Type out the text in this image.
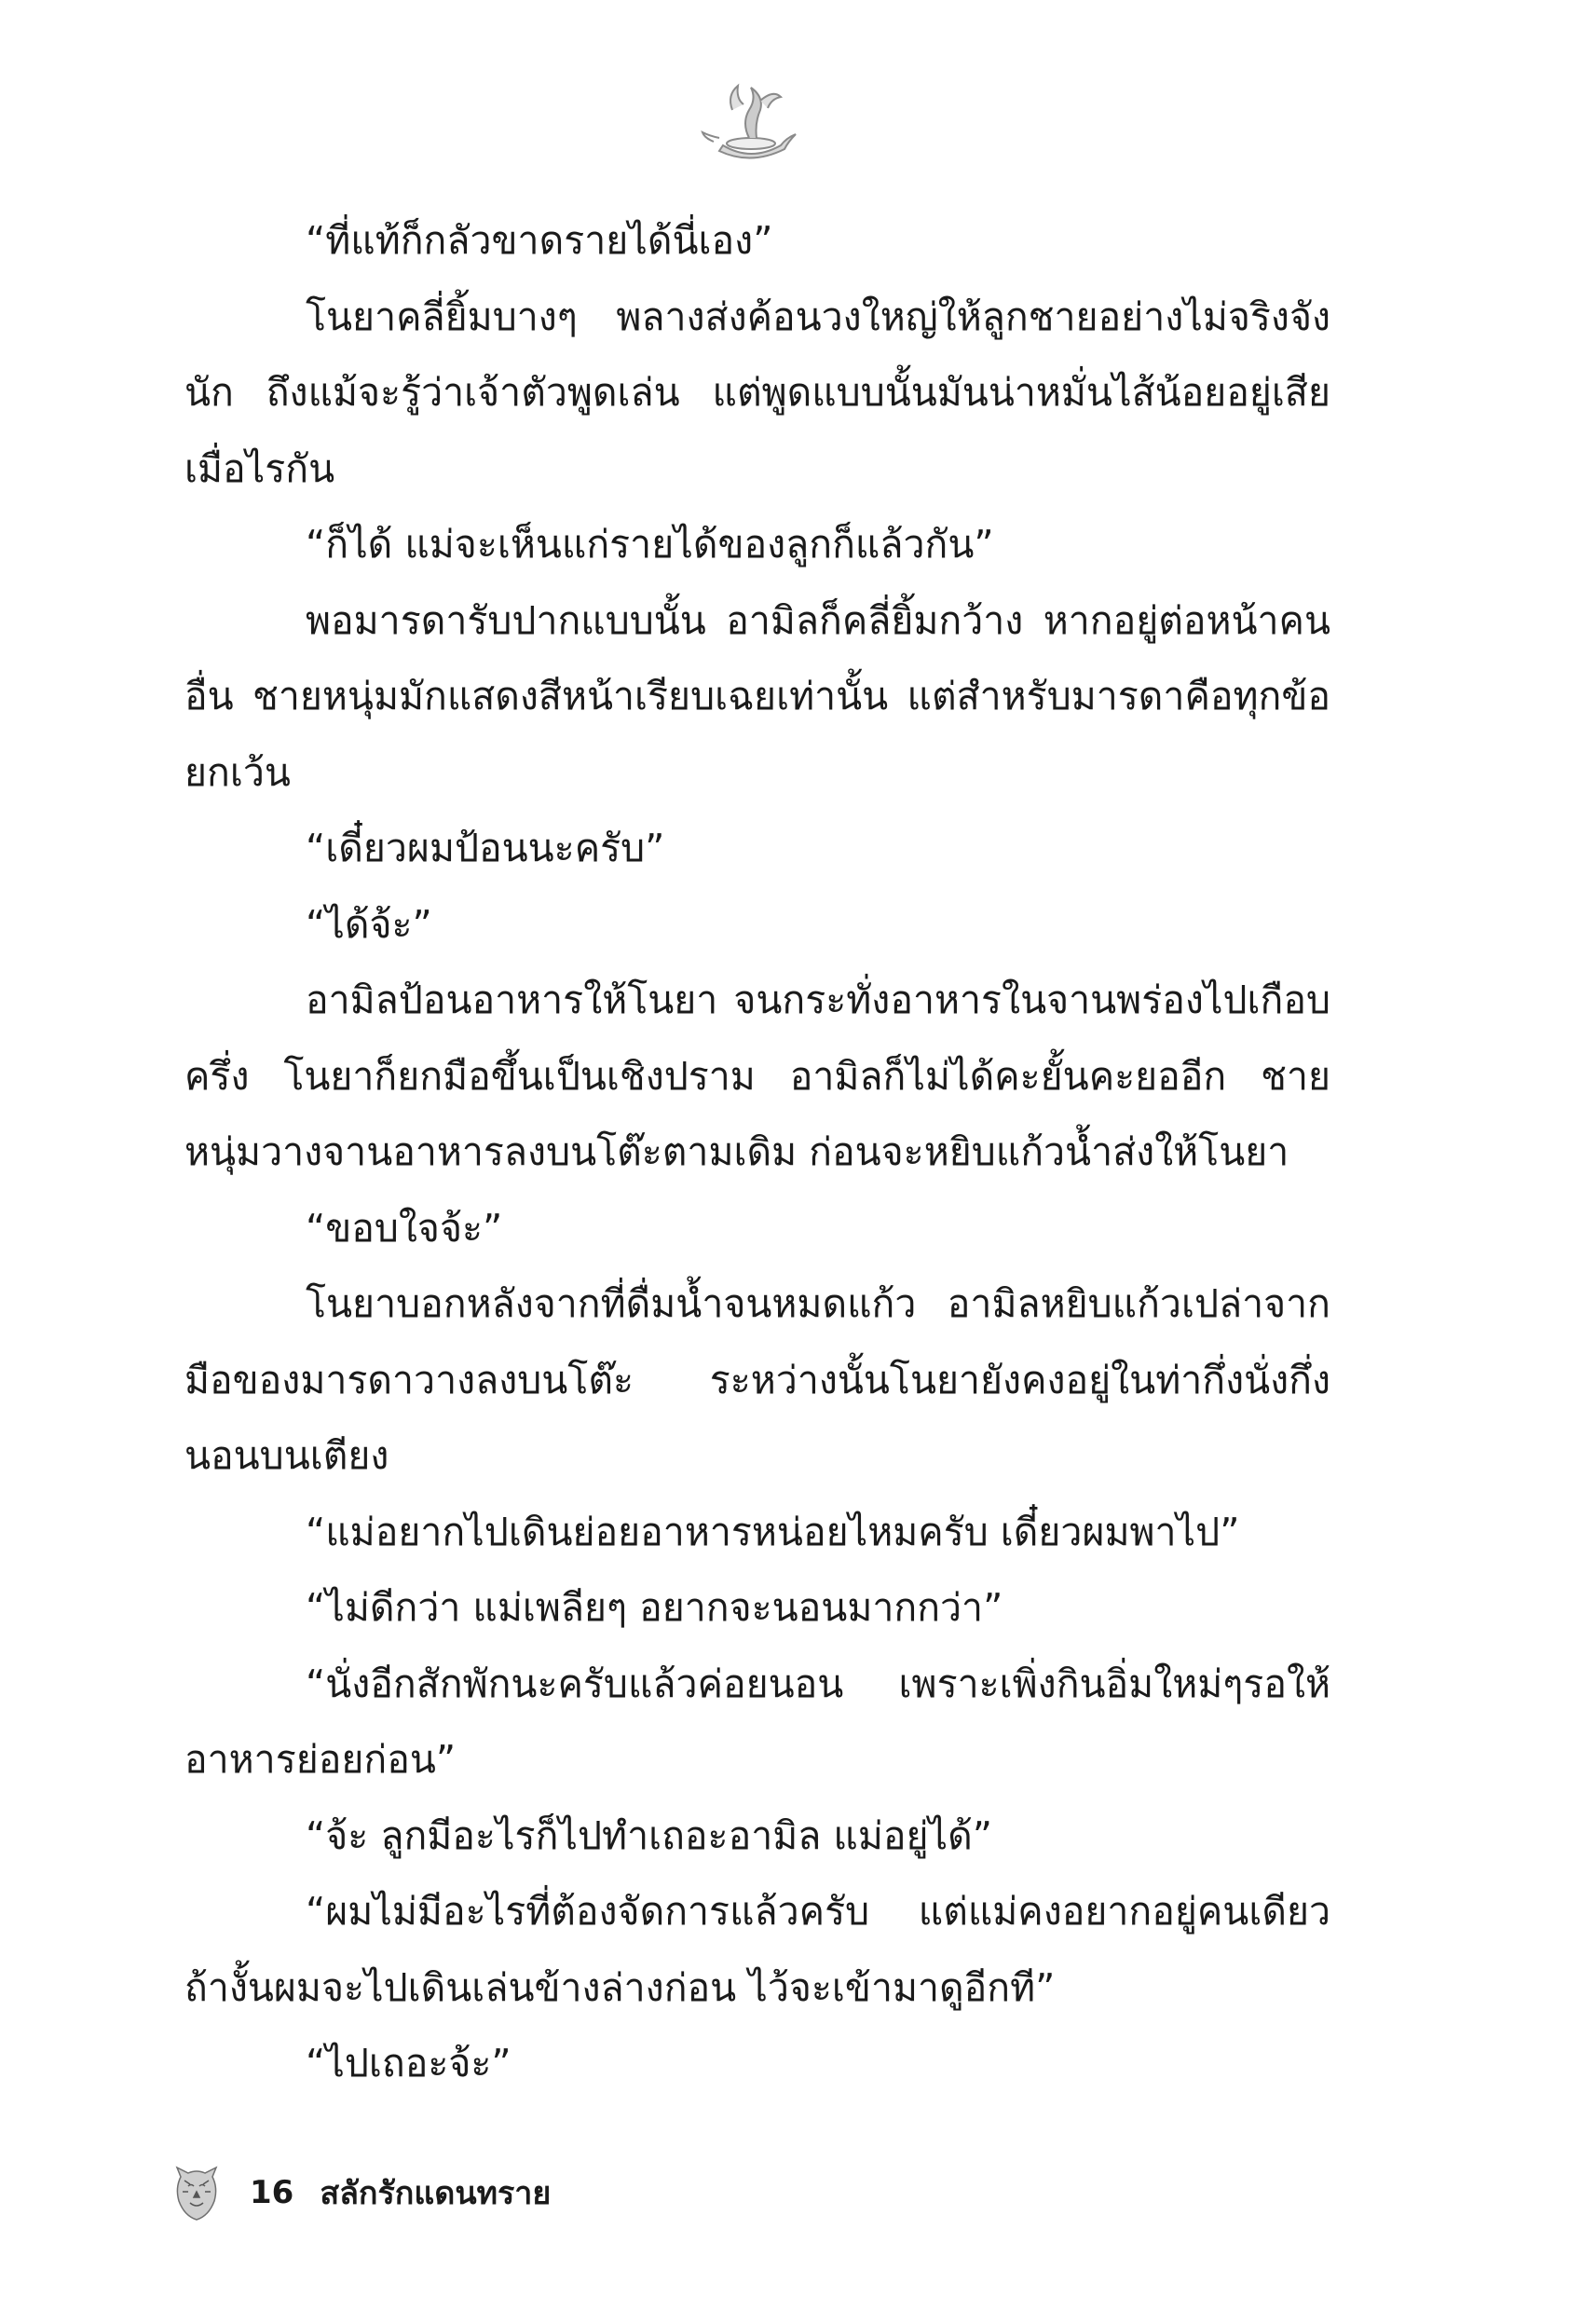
“ที่แท้ก็กลัวขาดรายได้นี่เอง”

โนยาคลี่ยิ้มบางๆ พลางส่งค้อนวงใหญ่ให้ลูกชายอย่างไม่จริงจังนัก ถึงแม้จะรู้ว่าเจ้าตัวพูดเล่น แต่พูดแบบนั้นมันน่าหมั่นไส้น้อยอยู่เสียเมื่อไรกัน

“ก็ได้ แม่จะเห็นแก่รายได้ของลูกก็แล้วกัน”

พอมารดารับปากแบบนั้น อามิลก็คลี่ยิ้มกว้าง หากอยู่ต่อหน้าคนอื่น ชายหนุ่มมักแสดงสีหน้าเรียบเฉยเท่านั้น แต่สำหรับมารดาคือทุกข้อยกเว้น

“เดี๋ยวผมป้อนนะครับ”

“ได้จ้ะ”

อามิลป้อนอาหารให้โนยา จนกระทั่งอาหารในจานพร่องไปเกือบครึ่ง โนยาก็ยกมือขึ้นเป็นเชิงปราม อามิลก็ไม่ได้คะยั้นคะยออีก ชายหนุ่มวางจานอาหารลงบนโต๊ะตามเดิม ก่อนจะหยิบแก้วน้ำส่งให้โนยา

“ขอบใจจ้ะ”

โนยาบอกหลังจากที่ดื่มน้ำจนหมดแก้ว อามิลหยิบแก้วเปล่าจากมือของมารดาวางลงบนโต๊ะ ระหว่างนั้นโนยายังคงอยู่ในท่ากึ่งนั่งกึ่งนอนบนเตียง

“แม่อยากไปเดินย่อยอาหารหน่อยไหมครับ เดี๋ยวผมพาไป”

“ไม่ดีกว่า แม่เพลียๆ อยากจะนอนมากกว่า”

“นั่งอีกสักพักนะครับแล้วค่อยนอน เพราะเพิ่งกินอิ่มใหม่ๆรอให้อาหารย่อยก่อน”

“จ้ะ ลูกมีอะไรก็ไปทำเถอะอามิล แม่อยู่ได้”

“ผมไม่มีอะไรที่ต้องจัดการแล้วครับ แต่แม่คงอยากอยู่คนเดียวถ้างั้นผมจะไปเดินเล่นข้างล่างก่อน ไว้จะเข้ามาดูอีกที”

“ไปเถอะจ้ะ”

16 สลักรักแดนทราย
